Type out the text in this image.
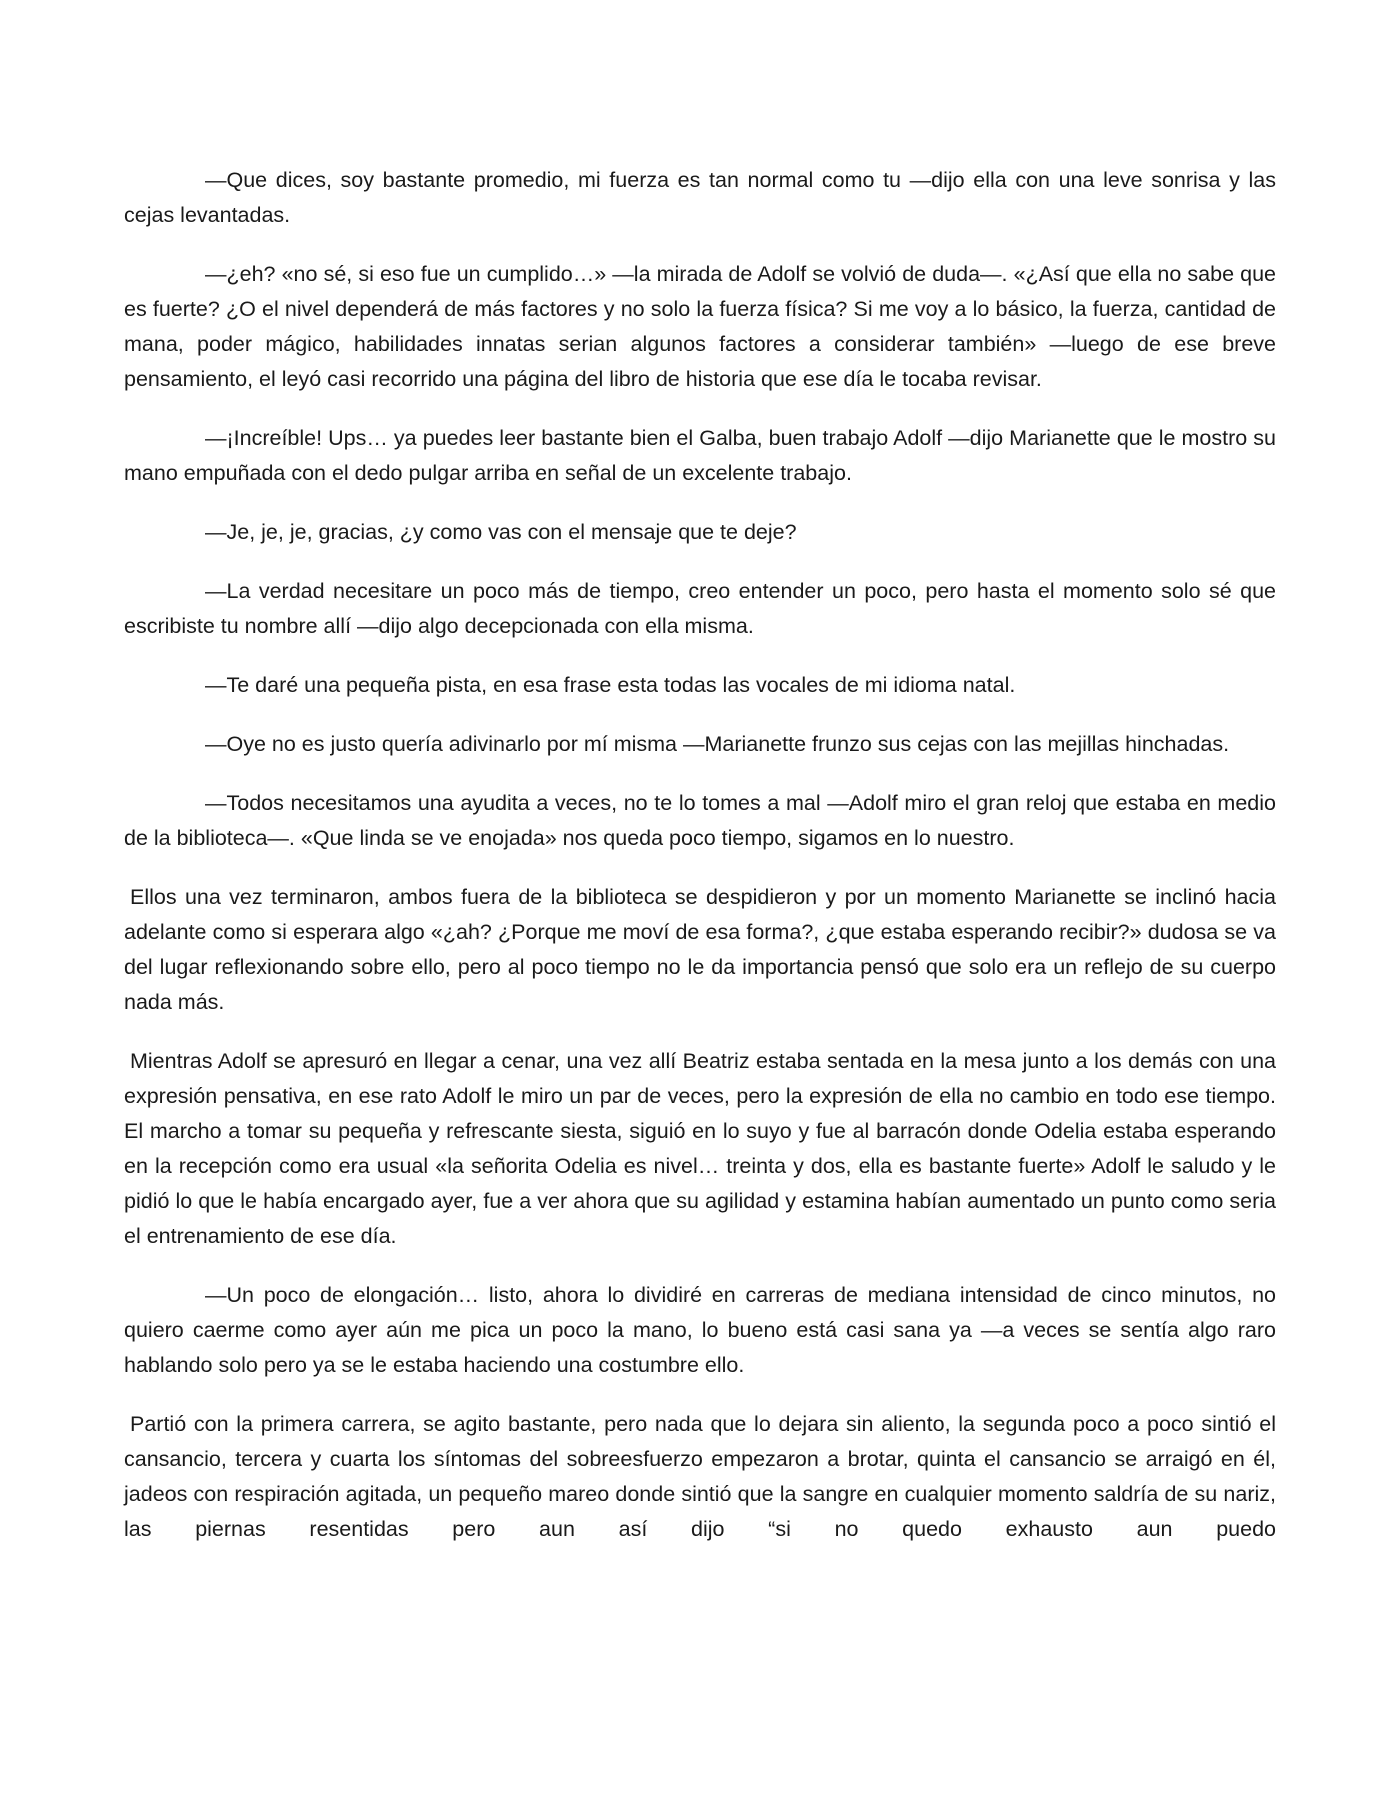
—Que dices, soy bastante promedio, mi fuerza es tan normal como tu —dijo ella con una leve sonrisa y las cejas levantadas.

—¿eh? «no sé, si eso fue un cumplido…» —la mirada de Adolf se volvió de duda—. «¿Así que ella no sabe que es fuerte? ¿O el nivel dependerá de más factores y no solo la fuerza física? Si me voy a lo básico, la fuerza, cantidad de mana, poder mágico, habilidades innatas serian algunos factores a considerar también» —luego de ese breve pensamiento, el leyó casi recorrido una página del libro de historia que ese día le tocaba revisar.

—¡Increíble! Ups… ya puedes leer bastante bien el Galba, buen trabajo Adolf —dijo Marianette que le mostro su mano empuñada con el dedo pulgar arriba en señal de un excelente trabajo.

—Je, je, je, gracias, ¿y como vas con el mensaje que te deje?

—La verdad necesitare un poco más de tiempo, creo entender un poco, pero hasta el momento solo sé que escribiste tu nombre allí —dijo algo decepcionada con ella misma.

—Te daré una pequeña pista, en esa frase esta todas las vocales de mi idioma natal.

—Oye no es justo quería adivinarlo por mí misma —Marianette frunzo sus cejas con las mejillas hinchadas.

—Todos necesitamos una ayudita a veces, no te lo tomes a mal —Adolf miro el gran reloj que estaba en medio de la biblioteca—. «Que linda se ve enojada» nos queda poco tiempo, sigamos en lo nuestro.

Ellos una vez terminaron, ambos fuera de la biblioteca se despidieron y por un momento Marianette se inclinó hacia adelante como si esperara algo «¿ah? ¿Porque me moví de esa forma?, ¿que estaba esperando recibir?» dudosa se va del lugar reflexionando sobre ello, pero al poco tiempo no le da importancia pensó que solo era un reflejo de su cuerpo nada más.

Mientras Adolf se apresuró en llegar a cenar, una vez allí Beatriz estaba sentada en la mesa junto a los demás con una expresión pensativa, en ese rato Adolf le miro un par de veces, pero la expresión de ella no cambio en todo ese tiempo. El marcho a tomar su pequeña y refrescante siesta, siguió en lo suyo y fue al barracón donde Odelia estaba esperando en la recepción como era usual «la señorita Odelia es nivel… treinta y dos, ella es bastante fuerte» Adolf le saludo y le pidió lo que le había encargado ayer, fue a ver ahora que su agilidad y estamina habían aumentado un punto como seria el entrenamiento de ese día.

—Un poco de elongación… listo, ahora lo dividiré en carreras de mediana intensidad de cinco minutos, no quiero caerme como ayer aún me pica un poco la mano, lo bueno está casi sana ya —a veces se sentía algo raro hablando solo pero ya se le estaba haciendo una costumbre ello.

Partió con la primera carrera, se agito bastante, pero nada que lo dejara sin aliento, la segunda poco a poco sintió el cansancio, tercera y cuarta los síntomas del sobreesfuerzo empezaron a brotar, quinta el cansancio se arraigó en él, jadeos con respiración agitada, un pequeño mareo donde sintió que la sangre en cualquier momento saldría de su nariz, las piernas resentidas pero aun así dijo “si no quedo exhausto aun puedo
